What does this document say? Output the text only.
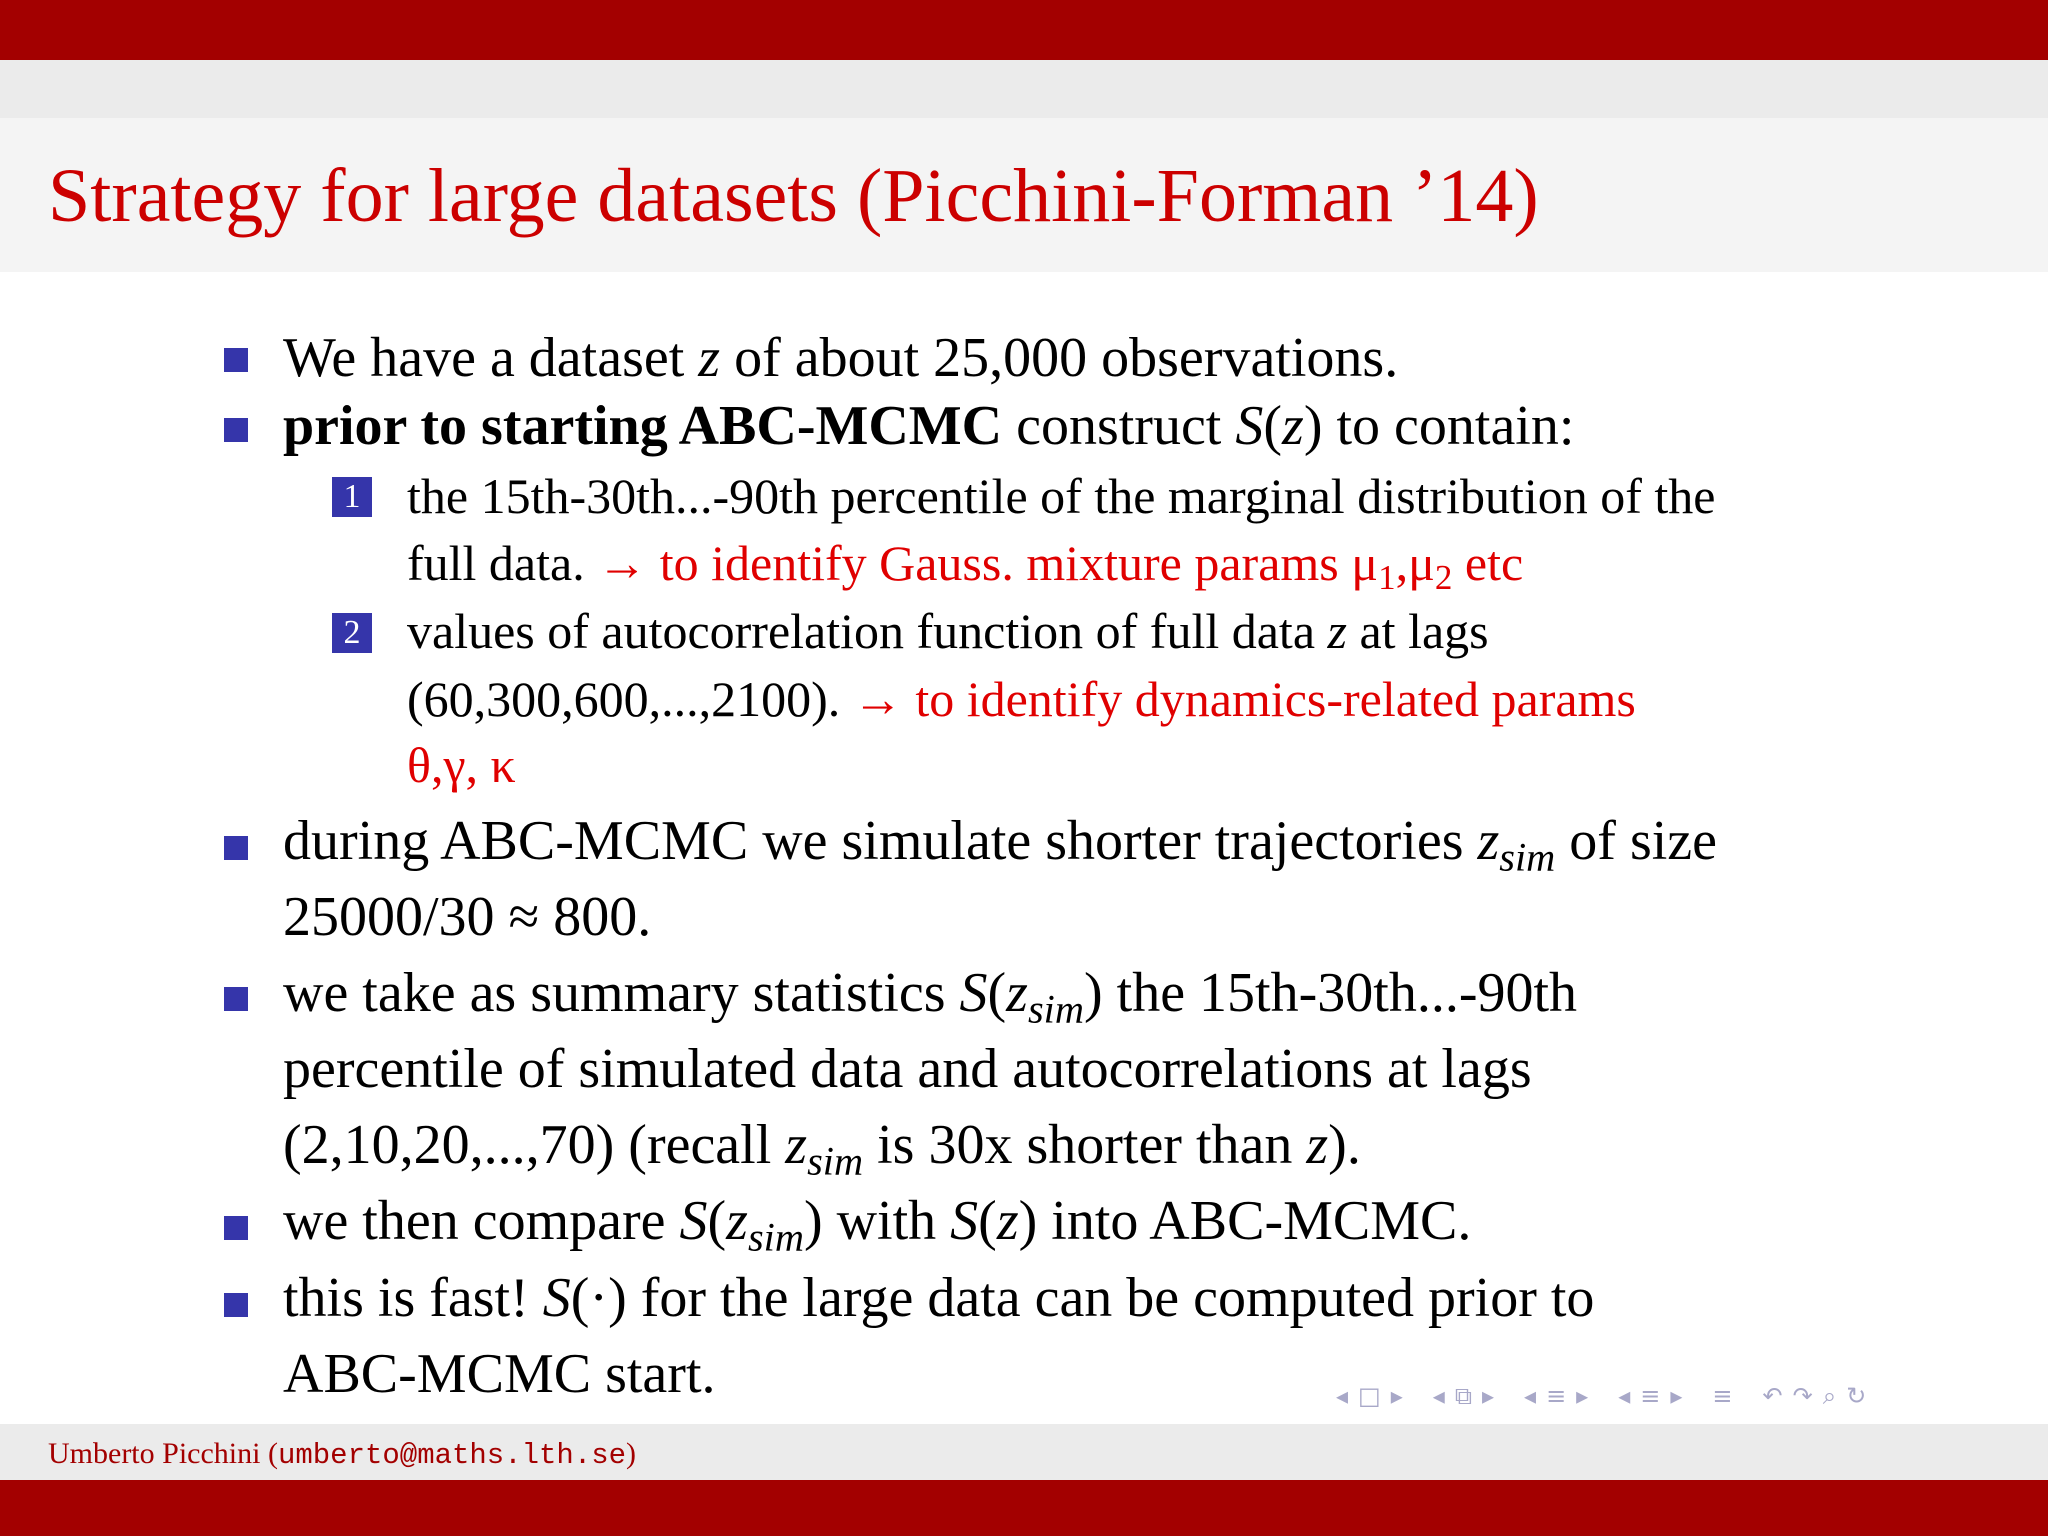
Strategy for large datasets (Picchini-Forman ’14)
We have a dataset z of about 25,000 observations.
prior to starting ABC-MCMC construct S(z) to contain:
1 the 15th-30th...-90th percentile of the marginal distribution of the
full data. → to identify Gauss. mixture params μ1,μ2 etc
2 values of autocorrelation function of full data z at lags
(60,300,600,...,2100). → to identify dynamics-related params
θ,γ, κ
during ABC-MCMC we simulate shorter trajectories $z_{sim}$ of size
25000/30 ≈ 800.
we take as summary statistics $S(z_{sim})$ the 15th-30th...-90th
percentile of simulated data and autocorrelations at lags
(2,10,20,...,70) (recall $z_{sim}$ is 30x shorter than z).
we then compare $S(z_{sim})$ with S(z) into ABC-MCMC.
this is fast! S(·) for the large data can be computed prior to
ABC-MCMC start.	◂ □ ▸ ◂ ⧉ ▸ ◂ ≡ ▸ ◂ ≡ ▸ ≡ ↶ ↷ ⌕ ↻
Umberto Picchini (umberto@maths.lth.se)
